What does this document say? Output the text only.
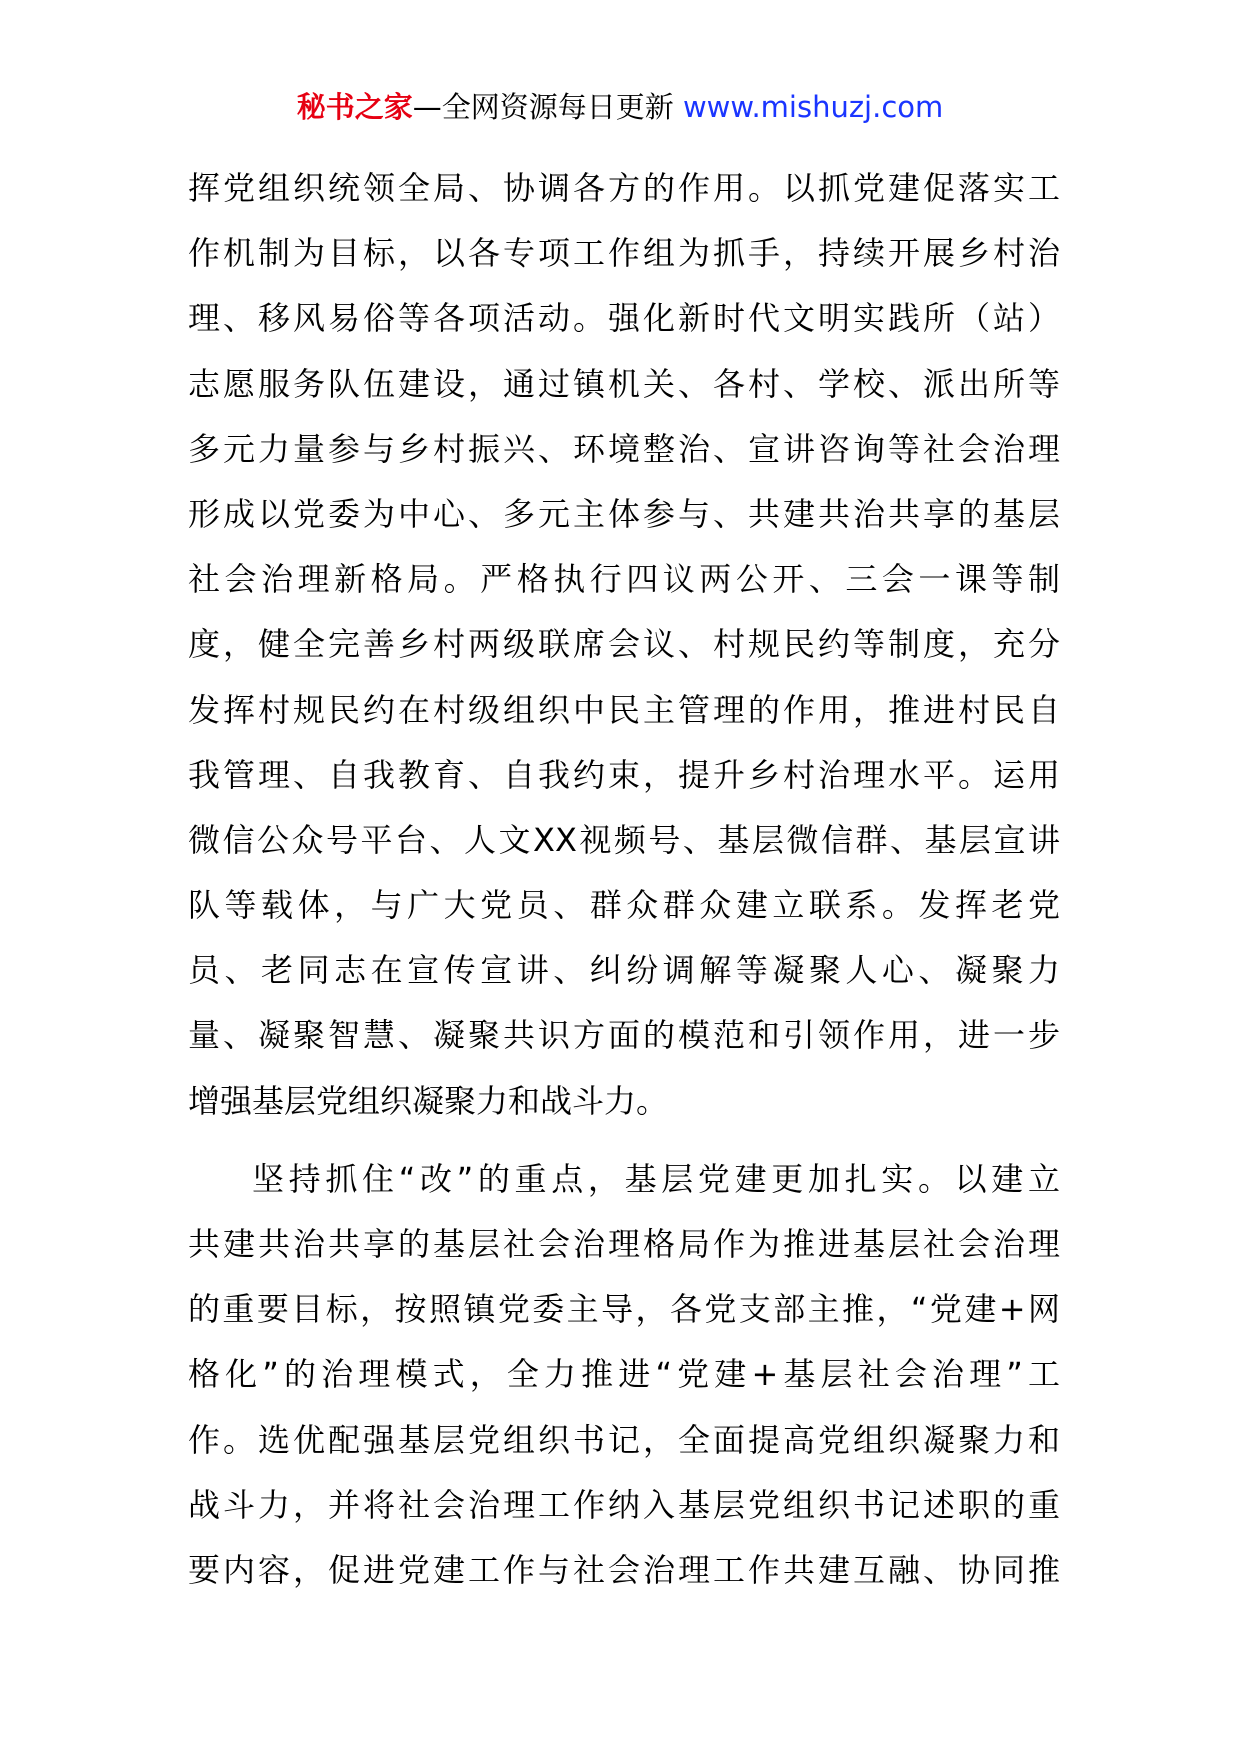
秘书之家—全网资源每日更新 www.mishuzj.com
挥党组织统领全局、协调各方的作用。以抓党建促落实工
作机制为目标，以各专项工作组为抓手，持续开展乡村治
理、移风易俗等各项活动。强化新时代文明实践所（站）
志愿服务队伍建设，通过镇机关、各村、学校、派出所等
多元力量参与乡村振兴、环境整治、宣讲咨询等社会治理
形成以党委为中心、多元主体参与、共建共治共享的基层
社会治理新格局。严格执行四议两公开、三会一课等制
度，健全完善乡村两级联席会议、村规民约等制度，充分
发挥村规民约在村级组织中民主管理的作用，推进村民自
我管理、自我教育、自我约束，提升乡村治理水平。运用
微信公众号平台、人文XX视频号、基层微信群、基层宣讲
队等载体，与广大党员、群众群众建立联系。发挥老党
员、老同志在宣传宣讲、纠纷调解等凝聚人心、凝聚力
量、凝聚智慧、凝聚共识方面的模范和引领作用，进一步
增强基层党组织凝聚力和战斗力。
坚持抓住“改”的重点，基层党建更加扎实。以建立
共建共治共享的基层社会治理格局作为推进基层社会治理
的重要目标，按照镇党委主导，各党支部主推，“党建+网
格化”的治理模式，全力推进“党建+基层社会治理”工
作。选优配强基层党组织书记，全面提高党组织凝聚力和
战斗力，并将社会治理工作纳入基层党组织书记述职的重
要内容，促进党建工作与社会治理工作共建互融、协同推
